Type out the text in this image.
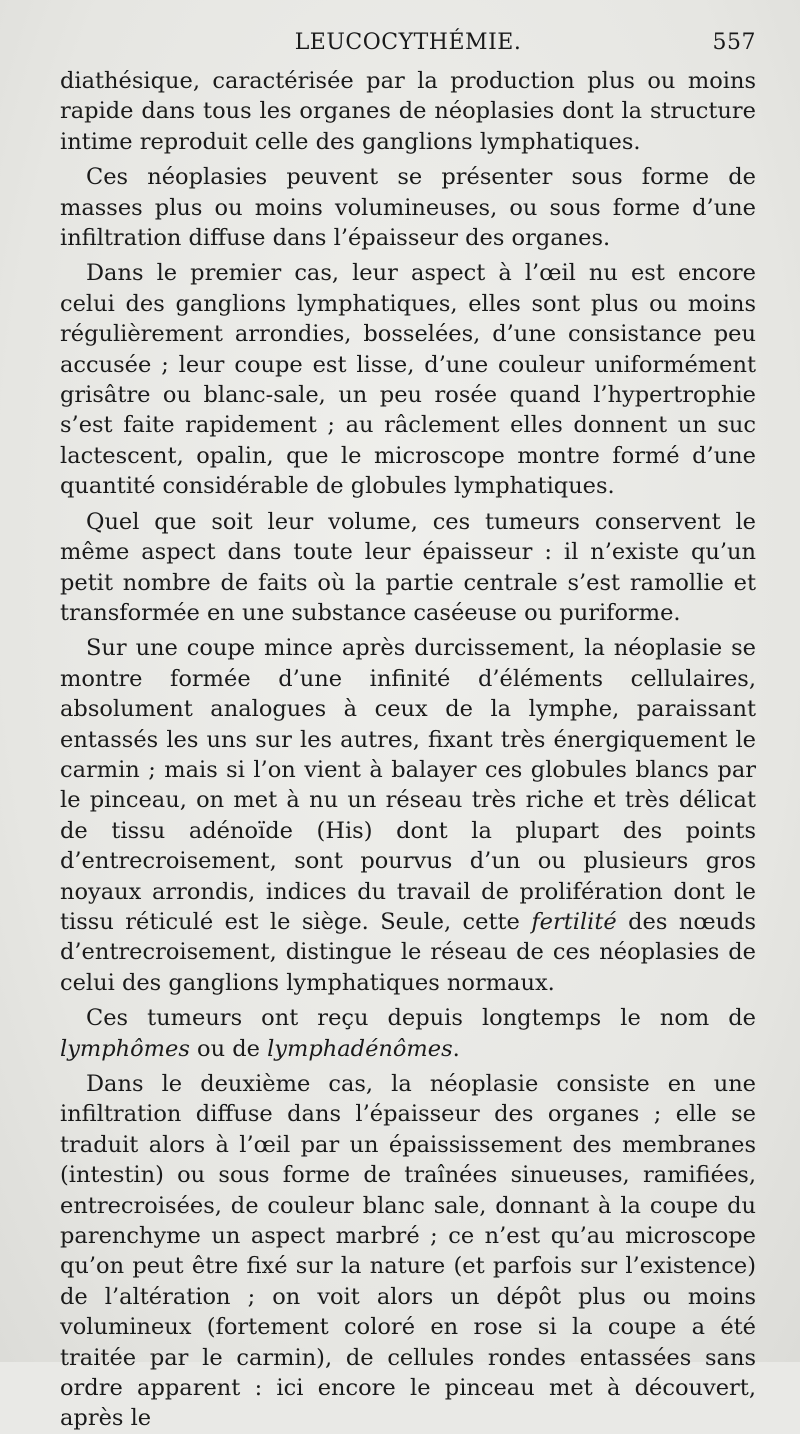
LEUCOCYTHÉMIE.	557

diathésique, caractérisée par la production plus ou moins rapide dans tous les organes de néoplasies dont la structure intime reproduit celle des ganglions lymphatiques.

Ces néoplasies peuvent se présenter sous forme de masses plus ou moins volumineuses, ou sous forme d’une infiltration diffuse dans l’épaisseur des organes.

Dans le premier cas, leur aspect à l’œil nu est encore celui des ganglions lymphatiques, elles sont plus ou moins régulièrement arrondies, bosselées, d’une consistance peu accusée ; leur coupe est lisse, d’une couleur uniformément grisâtre ou blanc-sale, un peu rosée quand l’hypertrophie s’est faite rapidement ; au râclement elles donnent un suc lactescent, opalin, que le microscope montre formé d’une quantité considérable de globules lymphatiques.

Quel que soit leur volume, ces tumeurs conservent le même aspect dans toute leur épaisseur : il n’existe qu’un petit nombre de faits où la partie centrale s’est ramollie et transformée en une substance caséeuse ou puriforme.

Sur une coupe mince après durcissement, la néoplasie se montre formée d’une infinité d’éléments cellulaires, absolument analogues à ceux de la lymphe, paraissant entassés les uns sur les autres, fixant très énergiquement le carmin ; mais si l’on vient à balayer ces globules blancs par le pinceau, on met à nu un réseau très riche et très délicat de tissu adénoïde (His) dont la plupart des points d’entrecroisement, sont pourvus d’un ou plusieurs gros noyaux arrondis, indices du travail de prolifération dont le tissu réticulé est le siège. Seule, cette fertilité des nœuds d’entrecroisement, distingue le réseau de ces néoplasies de celui des ganglions lymphatiques normaux.

Ces tumeurs ont reçu depuis longtemps le nom de lymphômes ou de lymphadénômes.

Dans le deuxième cas, la néoplasie consiste en une infiltration diffuse dans l’épaisseur des organes ; elle se traduit alors à l’œil par un épaississement des membranes (intestin) ou sous forme de traînées sinueuses, ramifiées, entrecroisées, de couleur blanc sale, donnant à la coupe du parenchyme un aspect marbré ; ce n’est qu’au microscope qu’on peut être fixé sur la nature (et parfois sur l’existence) de l’altération ; on voit alors un dépôt plus ou moins volumineux (fortement coloré en rose si la coupe a été traitée par le carmin), de cellules rondes entassées sans ordre apparent : ici encore le pinceau met à découvert, après le
